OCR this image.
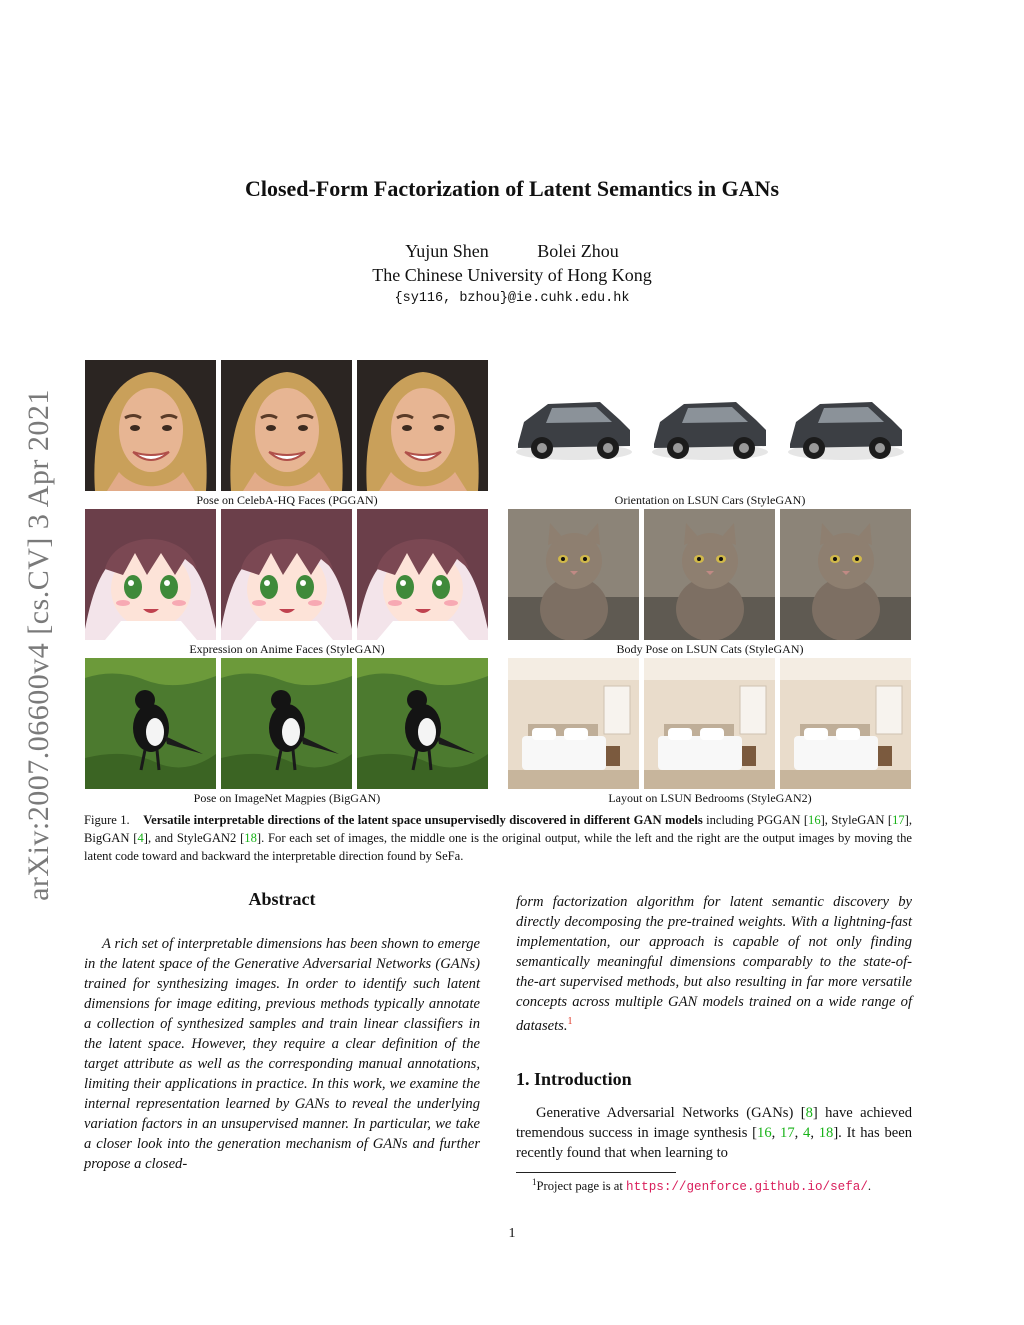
arXiv:2007.06600v4 [cs.CV] 3 Apr 2021
Closed-Form Factorization of Latent Semantics in GANs
Yujun Shen	Bolei Zhou
The Chinese University of Hong Kong
{sy116, bzhou}@ie.cuhk.edu.hk
Pose on CelebA-HQ Faces (PGGAN)	Orientation on LSUN Cars (StyleGAN)
Expression on Anime Faces (StyleGAN)	Body Pose on LSUN Cats (StyleGAN)
Pose on ImageNet Magpies (BigGAN)	Layout on LSUN Bedrooms (StyleGAN2)
Figure 1. Versatile interpretable directions of the latent space unsupervisedly discovered in different GAN models including PGGAN [16], StyleGAN [17], BigGAN [4], and StyleGAN2 [18]. For each set of images, the middle one is the original output, while the left and the right are the output images by moving the latent code toward and backward the interpretable direction found by SeFa.
Abstract

A rich set of interpretable dimensions has been shown to emerge in the latent space of the Generative Adversarial Networks (GANs) trained for synthesizing images. In order to identify such latent dimensions for image editing, previous methods typically annotate a collection of synthesized samples and train linear classifiers in the latent space. However, they require a clear definition of the target attribute as well as the corresponding manual annotations, limiting their applications in practice. In this work, we examine the internal representation learned by GANs to reveal the underlying variation factors in an unsupervised manner. In particular, we take a closer look into the generation mechanism of GANs and further propose a closed-

form factorization algorithm for latent semantic discovery by directly decomposing the pre-trained weights. With a lightning-fast implementation, our approach is capable of not only finding semantically meaningful dimensions comparably to the state-of-the-art supervised methods, but also resulting in far more versatile concepts across multiple GAN models trained on a wide range of datasets.$^1$

1. Introduction

Generative Adversarial Networks (GANs) [8] have achieved tremendous success in image synthesis [16, 17, 4, 18]. It has been recently found that when learning to

$^1$Project page is at https://genforce.github.io/sefa/.
1
